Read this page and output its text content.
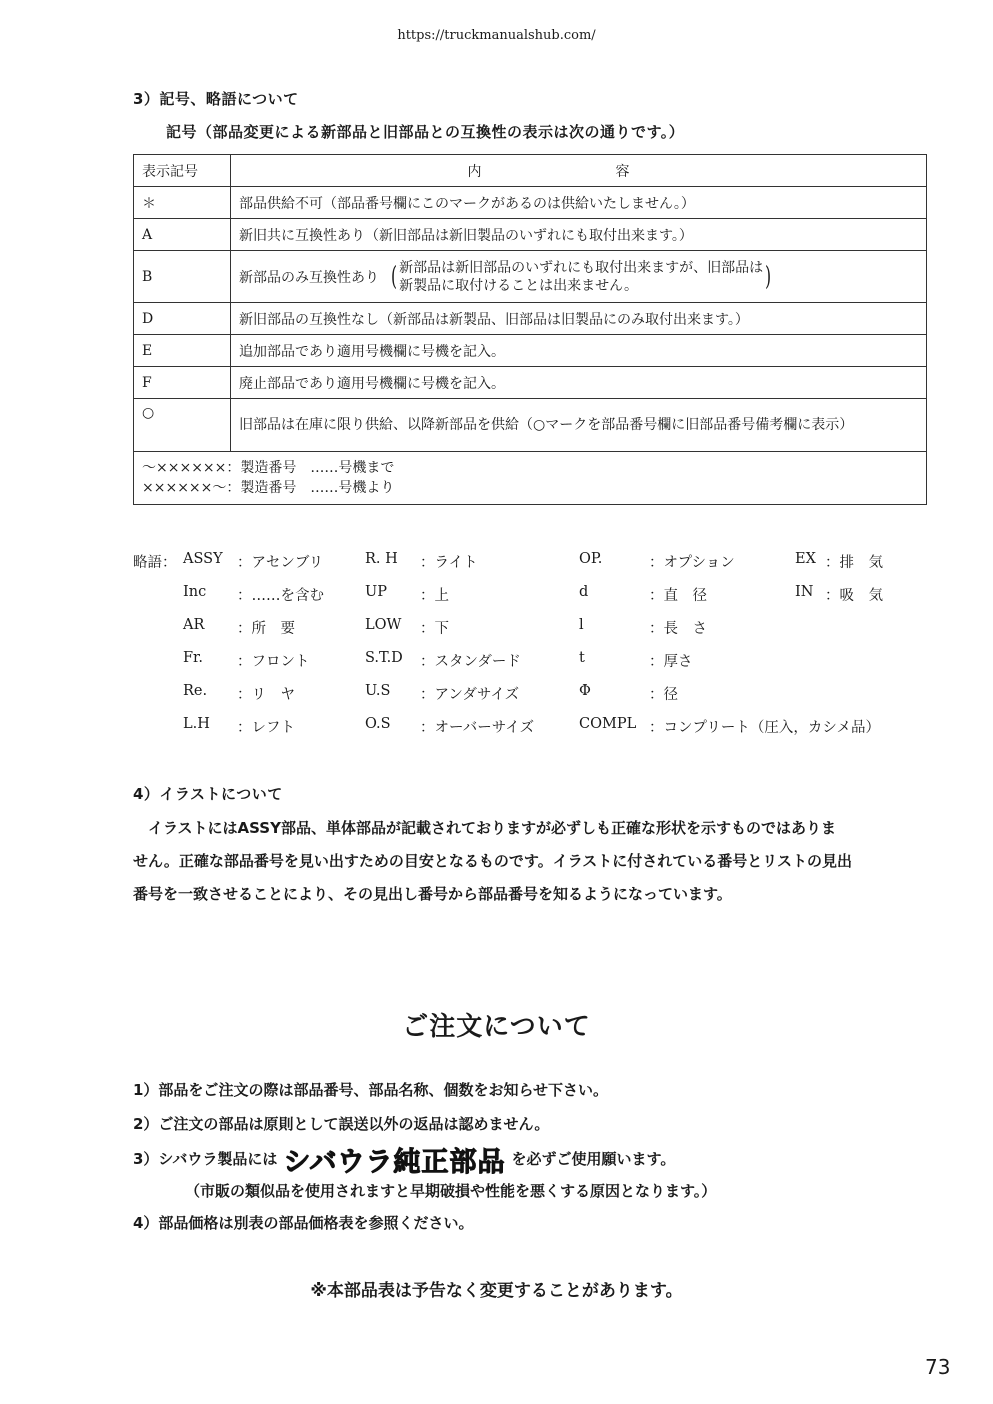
https://truckmanualshub.com/
3）記号、略語について
記号（部品変更による新部品と旧部品との互換性の表示は次の通りです。）
表示記号	内　容
＊	部品供給不可（部品番号欄にこのマークがあるのは供給いたしません。）
A	新旧共に互換性あり（新旧部品は新旧製品のいずれにも取付出来ます。）
B	新部品のみ互換性あり ( 新部品は新旧部品のいずれにも取付出来ますが、旧部品は
新製品に取付けることは出来ません。 )

D	新旧部品の互換性なし（新部品は新製品、旧部品は旧製品にのみ取付出来ます。）
E	追加部品であり適用号機欄に号機を記入。
F	廃止部品であり適用号機欄に号機を記入。
○	旧部品は在庫に限り供給、以降新部品を供給（○マークを部品番号欄に旧部品番号備考欄に表示）

～××××××：製造番号　……号機まで
××××××～：製造番号　……号機より	
略語： ASSY ：アセンブリ	R. H ：ライト	OP.	：オプション	EX ：排　気
Inc ：……を含む	UP ：上	d	：直　径	IN ：吸　気
AR ：所　要	LOW ：下	l	：長　さ
Fr. ：フロント	S.T.D ：スタンダード	t	：厚さ
Re. ：リ　ヤ	U.S ：アンダサイズ	Φ	：径
L.H ：レフト	O.S ：オーバーサイズ	COMPL ：コンプリート（圧入，カシメ品）
4）イラストについて
イラストにはASSY部品、単体部品が記載されておりますが必ずしも正確な形状を示すものではありま
せん。正確な部品番号を見い出すための目安となるものです。イラストに付されている番号とリストの見出
番号を一致させることにより、その見出し番号から部品番号を知るようになっています。
ご注文について
1）部品をご注文の際は部品番号、部品名称、個数をお知らせ下さい。
2）ご注文の部品は原則として誤送以外の返品は認めません。
3）シバウラ製品には シバウラ純正部品 を必ずご使用願います。
（市販の類似品を使用されますと早期破損や性能を悪くする原因となります。）
4）部品価格は別表の部品価格表を参照ください。
※本部品表は予告なく変更することがあります。
73
